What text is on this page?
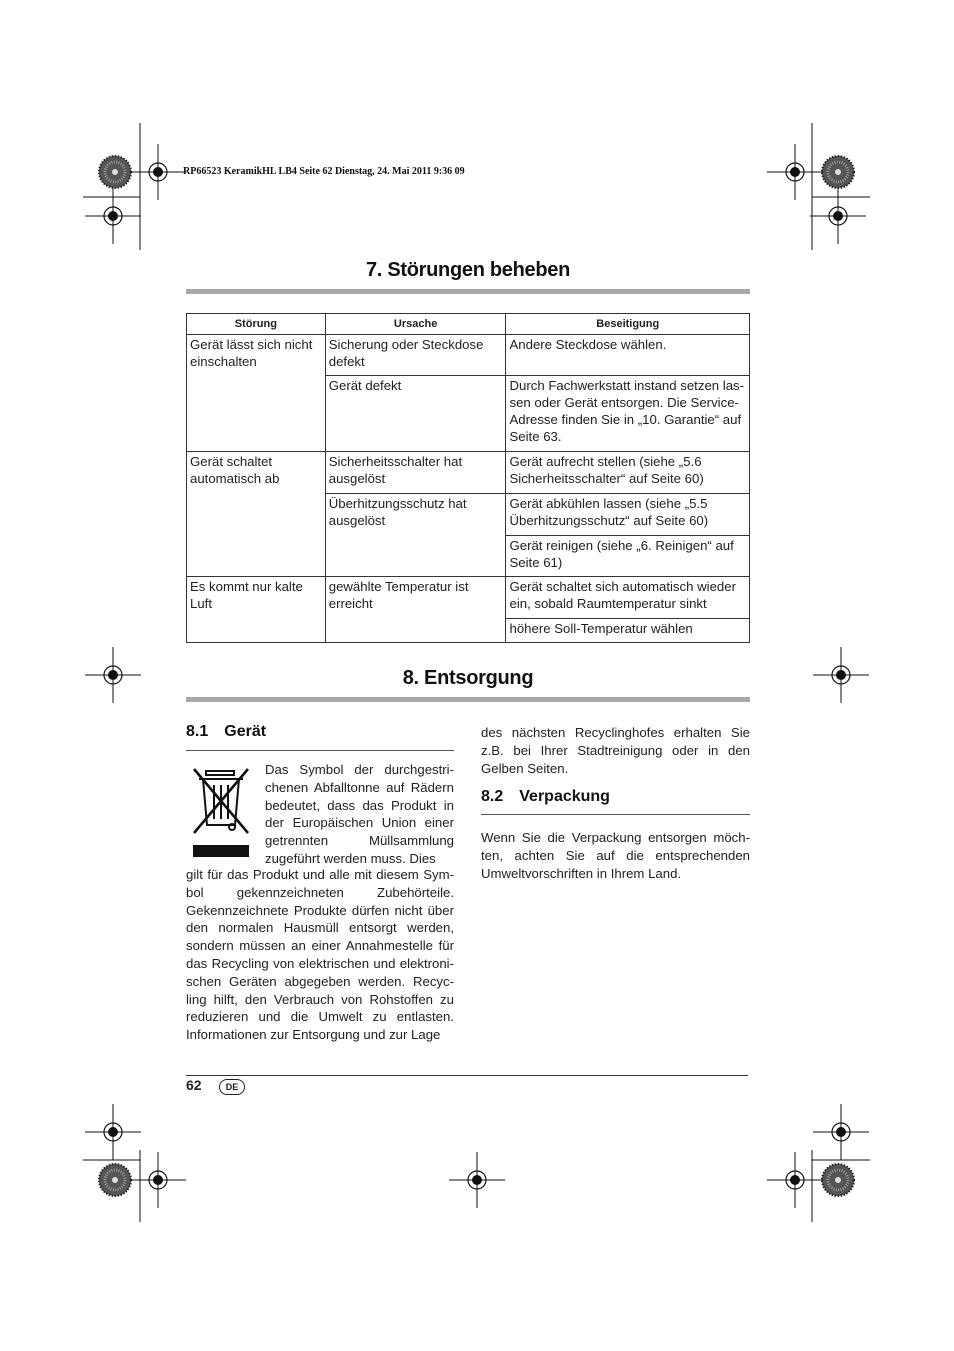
RP66523 KeramikHL LB4 Seite 62 Dienstag, 24. Mai 2011 9:36 09
7. Störungen beheben
Störung	Ursache	Beseitigung
Gerät lässt sich nicht einschalten	Sicherung oder Steckdose defekt	Andere Steckdose wählen.
	Gerät defekt	Durch Fachwerkstatt instand setzen las-sen oder Gerät entsorgen. Die Service-Adresse finden Sie in „10. Garantie“ auf Seite 63.
Gerät schaltet automatisch ab	Sicherheitsschalter hat ausgelöst	Gerät aufrecht stellen (siehe „5.6 Sicherheitsschalter“ auf Seite 60)
	Überhitzungsschutz hat ausgelöst	Gerät abkühlen lassen (siehe „5.5 Überhitzungsschutz“ auf Seite 60)
		Gerät reinigen (siehe „6. Reinigen“ auf Seite 61)
Es kommt nur kalte Luft	gewählte Temperatur ist erreicht	Gerät schaltet sich automatisch wieder ein, sobald Raumtemperatur sinkt
		höhere Soll-Temperatur wählen
8. Entsorgung
8.1 Gerät
Das Symbol der durchgestri-chenen Abfalltonne auf Rädern bedeutet, dass das Produkt in der Europäischen Union einer getrennten Müllsammlung zugeführt werden muss. Dies
gilt für das Produkt und alle mit diesem Sym-bol gekennzeichneten Zubehörteile. Gekennzeichnete Produkte dürfen nicht über den normalen Hausmüll entsorgt werden, sondern müssen an einer Annahmestelle für das Recycling von elektrischen und elektroni-schen Geräten abgegeben werden. Recyc-ling hilft, den Verbrauch von Rohstoffen zu reduzieren und die Umwelt zu entlasten. Informationen zur Entsorgung und zur Lage
des nächsten Recyclinghofes erhalten Sie z.B. bei Ihrer Stadtreinigung oder in den Gelben Seiten.
8.2 Verpackung
Wenn Sie die Verpackung entsorgen möch-ten, achten Sie auf die entsprechenden Umweltvorschriften in Ihrem Land.
62	DE
